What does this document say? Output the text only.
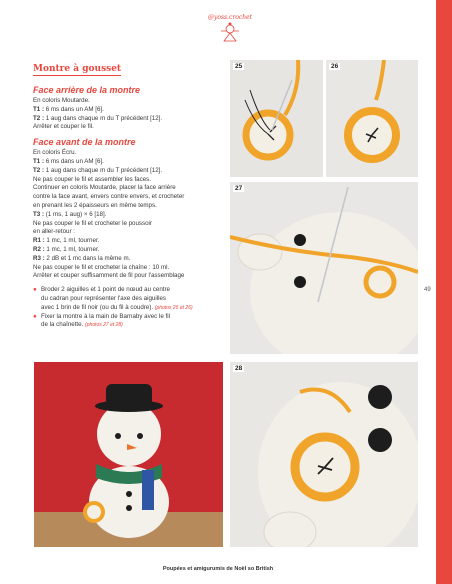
49
@yoss.crochet
Montre à gousset
Face arrière de la montre
En coloris Moutarde.
T1 : 6 ms dans un AM [6].
T2 : 1 aug dans chaque m du T précédent [12].
Arrêter et couper le fil.
Face avant de la montre
En coloris Écru.
T1 : 6 ms dans un AM [6].
T2 : 1 aug dans chaque m du T précédent [12].
Ne pas couper le fil et assembler les faces.
Continuer en coloris Moutarde, placer la face arrière
contre la face avant, envers contre envers, et crocheter
en prenant les 2 épaisseurs en même temps.
T3 : (1 ms, 1 aug) × 6 [18].
Ne pas couper le fil et crocheter le poussoir
en aller-retour :
R1 : 1 mc, 1 ml, tourner.
R2 : 1 mc, 1 ml, tourner.
R3 : 2 dB et 1 mc dans la même m.
Ne pas couper le fil et crocheter la chaîne : 10 ml.
Arrêter et couper suffisamment de fil pour l'assemblage
● Broder 2 aiguilles et 1 point de nœud au centre
du cadran pour représenter l'axe des aiguilles
avec 1 brin de fil noir (ou du fil à coudre). (photos 25 et 26)
● Fixer la montre à la main de Barnaby avec le fil
de la chaînette. (photos 27 et 28)
25	26
27
28
Poupées et amigurumis de Noël so British
